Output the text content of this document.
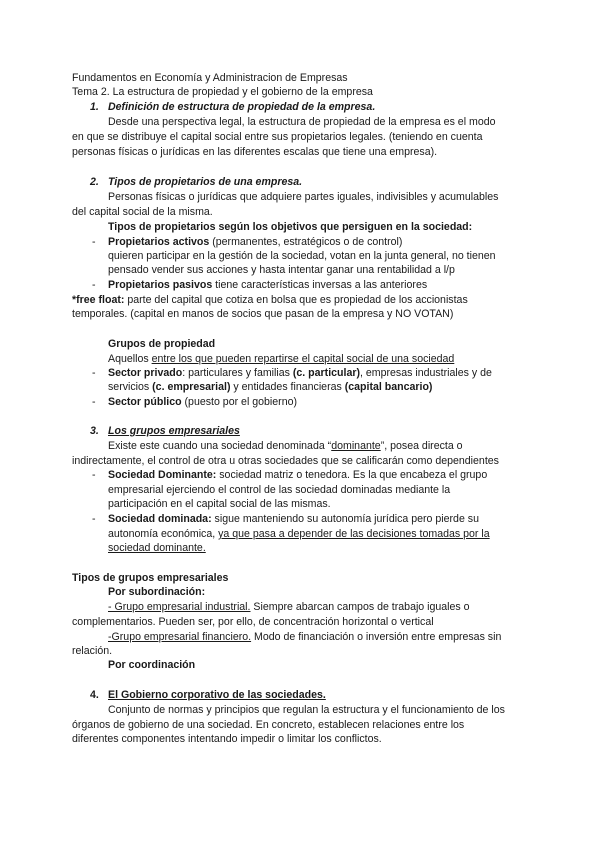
Fundamentos en Economía y Administracion de Empresas
Tema 2. La estructura de propiedad y el gobierno de la empresa
1. Definición de estructura de propiedad de la empresa.
Desde una perspectiva legal, la estructura de propiedad de la empresa es el modo
en que se distribuye el capital social entre sus propietarios legales. (teniendo en cuenta
personas físicas o jurídicas en las diferentes escalas que tiene una empresa).
2. Tipos de propietarios de una empresa.
Personas físicas o jurídicas que adquiere partes iguales, indivisibles y acumulables
del capital social de la misma.
Tipos de propietarios según los objetivos que persiguen en la sociedad:
- Propietarios activos (permanentes, estratégicos o de control)
quieren participar en la gestión de la sociedad, votan en la junta general, no tienen
pensado vender sus acciones y hasta intentar ganar una rentabilidad a l/p
- Propietarios pasivos tiene características inversas a las anteriores
*free float: parte del capital que cotiza en bolsa que es propiedad de los accionistas
temporales. (capital en manos de socios que pasan de la empresa y NO VOTAN)
Grupos de propiedad
Aquellos entre los que pueden repartirse el capital social de una sociedad
- Sector privado: particulares y familias (c. particular), empresas industriales y de
servicios (c. empresarial) y entidades financieras (capital bancario)
- Sector público (puesto por el gobierno)
3. Los grupos empresariales
Existe este cuando una sociedad denominada “dominante”, posea directa o
indirectamente, el control de otra u otras sociedades que se calificarán como dependientes
- Sociedad Dominante: sociedad matriz o tenedora. Es la que encabeza el grupo
empresarial ejerciendo el control de las sociedad dominadas mediante la
participación en el capital social de las mismas.
- Sociedad dominada: sigue manteniendo su autonomía jurídica pero pierde su
autonomía económica, ya que pasa a depender de las decisiones tomadas por la
sociedad dominante.
Tipos de grupos empresariales
Por subordinación:
- Grupo empresarial industrial. Siempre abarcan campos de trabajo iguales o
complementarios. Pueden ser, por ello, de concentración horizontal o vertical
-Grupo empresarial financiero. Modo de financiación o inversión entre empresas sin
relación.
Por coordinación
4. El Gobierno corporativo de las sociedades.
Conjunto de normas y principios que regulan la estructura y el funcionamiento de los
órganos de gobierno de una sociedad. En concreto, establecen relaciones entre los
diferentes componentes intentando impedir o limitar los conflictos.
